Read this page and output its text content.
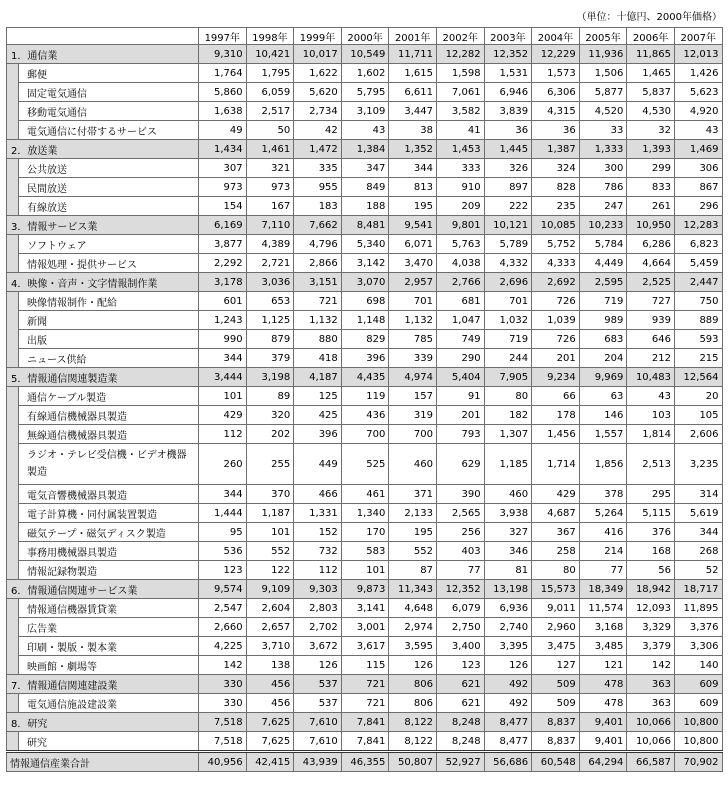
（単位：十億円、2000年価格）
		1997年	1998年	1999年	2000年	2001年	2002年	2003年	2004年	2005年	2006年	2007年
1．通信業		9,310	10,421	10,017	10,549	11,711	12,282	12,352	12,229	11,936	11,865	12,013
	郵便	1,764	1,795	1,622	1,602	1,615	1,598	1,531	1,573	1,506	1,465	1,426
	固定電気通信	5,860	6,059	5,620	5,795	6,611	7,061	6,946	6,306	5,877	5,837	5,623
	移動電気通信	1,638	2,517	2,734	3,109	3,447	3,582	3,839	4,315	4,520	4,530	4,920
	電気通信に付帯するサービス	49	50	42	43	38	41	36	36	33	32	43
2．放送業		1,434	1,461	1,472	1,384	1,352	1,453	1,445	1,387	1,333	1,393	1,469
	公共放送	307	321	335	347	344	333	326	324	300	299	306
	民間放送	973	973	955	849	813	910	897	828	786	833	867
	有線放送	154	167	183	188	195	209	222	235	247	261	296
3．情報サービス業		6,169	7,110	7,662	8,481	9,541	9,801	10,121	10,085	10,233	10,950	12,283
	ソフトウェア	3,877	4,389	4,796	5,340	6,071	5,763	5,789	5,752	5,784	6,286	6,823
	情報処理・提供サービス	2,292	2,721	2,866	3,142	3,470	4,038	4,332	4,333	4,449	4,664	5,459
4．映像・音声・文字情報制作業		3,178	3,036	3,151	3,070	2,957	2,766	2,696	2,692	2,595	2,525	2,447
	映像情報制作・配給	601	653	721	698	701	681	701	726	719	727	750
	新聞	1,243	1,125	1,132	1,148	1,132	1,047	1,032	1,039	989	939	889
	出版	990	879	880	829	785	749	719	726	683	646	593
	ニュース供給	344	379	418	396	339	290	244	201	204	212	215
5．情報通信関連製造業		3,444	3,198	4,187	4,435	4,974	5,404	7,905	9,234	9,969	10,483	12,564
	通信ケーブル製造	101	89	125	119	157	91	80	66	63	43	20
	有線通信機械器具製造	429	320	425	436	319	201	182	178	146	103	105
	無線通信機械器具製造	112	202	396	700	700	793	1,307	1,456	1,557	1,814	2,606
	ラジオ・テレビ受信機・ビデオ機器製造	260	255	449	525	460	629	1,185	1,714	1,856	2,513	3,235
	電気音響機械器具製造	344	370	466	461	371	390	460	429	378	295	314
	電子計算機・同付属装置製造	1,444	1,187	1,331	1,340	2,133	2,565	3,938	4,687	5,264	5,115	5,619
	磁気テープ・磁気ディスク製造	95	101	152	170	195	256	327	367	416	376	344
	事務用機械器具製造	536	552	732	583	552	403	346	258	214	168	268
	情報記録物製造	123	122	112	101	87	77	81	80	77	56	52
6．情報通信関連サービス業		9,574	9,109	9,303	9,873	11,343	12,352	13,198	15,573	18,349	18,942	18,717
	情報通信機器賃貸業	2,547	2,604	2,803	3,141	4,648	6,079	6,936	9,011	11,574	12,093	11,895
	広告業	2,660	2,657	2,702	3,001	2,974	2,750	2,740	2,960	3,168	3,329	3,376
	印刷・製版・製本業	4,225	3,710	3,672	3,617	3,595	3,400	3,395	3,475	3,485	3,379	3,306
	映画館・劇場等	142	138	126	115	126	123	126	127	121	142	140
7．情報通信関連建設業		330	456	537	721	806	621	492	509	478	363	609
	電気通信施設建設業	330	456	537	721	806	621	492	509	478	363	609
8．研究		7,518	7,625	7,610	7,841	8,122	8,248	8,477	8,837	9,401	10,066	10,800
	研究	7,518	7,625	7,610	7,841	8,122	8,248	8,477	8,837	9,401	10,066	10,800
情報通信産業合計		40,956	42,415	43,939	46,355	50,807	52,927	56,686	60,548	64,294	66,587	70,902
